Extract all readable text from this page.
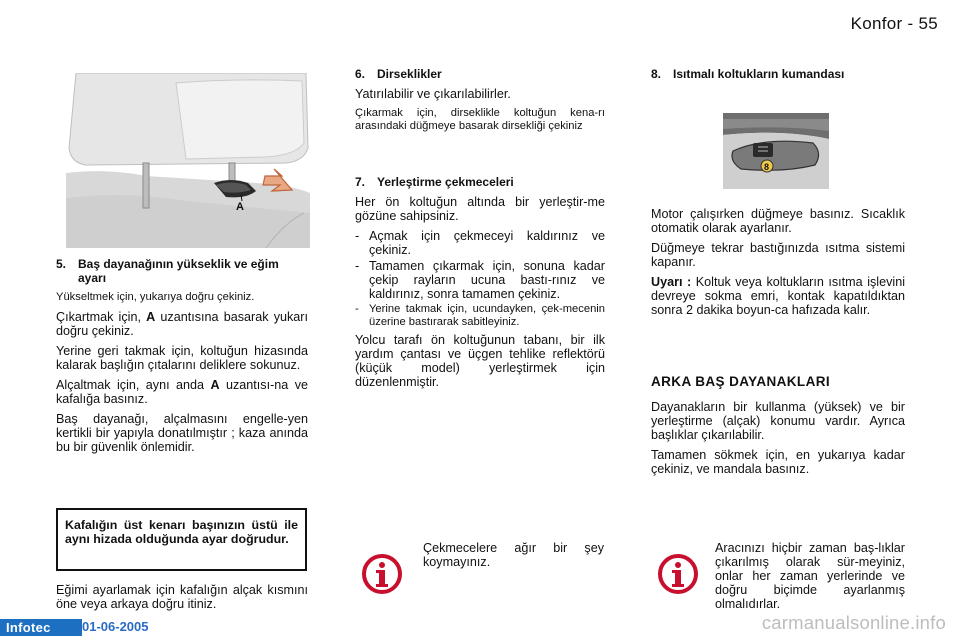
Konfor - 55
A
5. Baş dayanağının yükseklik ve eğim ayarı

Yükseltmek için, yukarıya doğru çekiniz.

Çıkartmak için, A uzantısına basarak yukarı doğru çekiniz.

Yerine geri takmak için, koltuğun hizasında kalarak başlığın çıtalarını deliklere sokunuz.

Alçaltmak için, aynı anda A uzantısı-na ve kafalığa basınız.

Baş dayanağı, alçalmasını engelle-yen kertikli bir yapıyla donatılmıştır ; kaza anında bu bir güvenlik önlemidir.

Kafalığın üst kenarı başınızın üstü ile aynı hizada olduğunda ayar doğrudur.

Eğimi ayarlamak için kafalığın alçak kısmını öne veya arkaya doğru itiniz.

6. Dirseklikler

Yatırılabilir ve çıkarılabilirler.

Çıkarmak için, dirseklikle koltuğun kena-rı arasındaki düğmeye basarak dirsekliği çekiniz

7. Yerleştirme çekmeceleri

Her ön koltuğun altında bir yerleştir-me gözüne sahipsiniz.

- Açmak için çekmeceyi kaldırınız ve çekiniz.
- Tamamen çıkarmak için, sonuna kadar çekip rayların ucuna bastı-rınız ve kaldırınız, sonra tamamen çekiniz.
- Yerine takmak için, ucundayken, çek-mecenin üzerine bastırarak sabitleyiniz.

Yolcu tarafı ön koltuğunun tabanı, bir ilk yardım çantası ve üçgen tehlike reflektörü (küçük model) yerleştirmek için düzenlenmiştir.

Çekmecelere ağır bir şey koymayınız.

8. Isıtmalı koltukların kumandası
8

Motor çalışırken düğmeye basınız. Sıcaklık otomatik olarak ayarlanır.

Düğmeye tekrar bastığınızda ısıtma sistemi kapanır.

Uyarı : Koltuk veya koltukların ısıtma işlevini devreye sokma emri, kontak kapatıldıktan sonra 2 dakika boyun-ca hafızada kalır.

ARKA BAŞ DAYANAKLARI

Dayanakların bir kullanma (yüksek) ve bir yerleştirme (alçak) konumu vardır. Ayrıca başlıklar çıkarılabilir.

Tamamen sökmek için, en yukarıya kadar çekiniz, ve mandala basınız.

Aracınızı hiçbir zaman baş-lıklar çıkarılmış olarak sür-meyiniz, onlar her zaman yerlerinde ve doğru biçimde ayarlanmış olmalıdırlar.

Infotec 01-06-2005	carmanualsonline.info
